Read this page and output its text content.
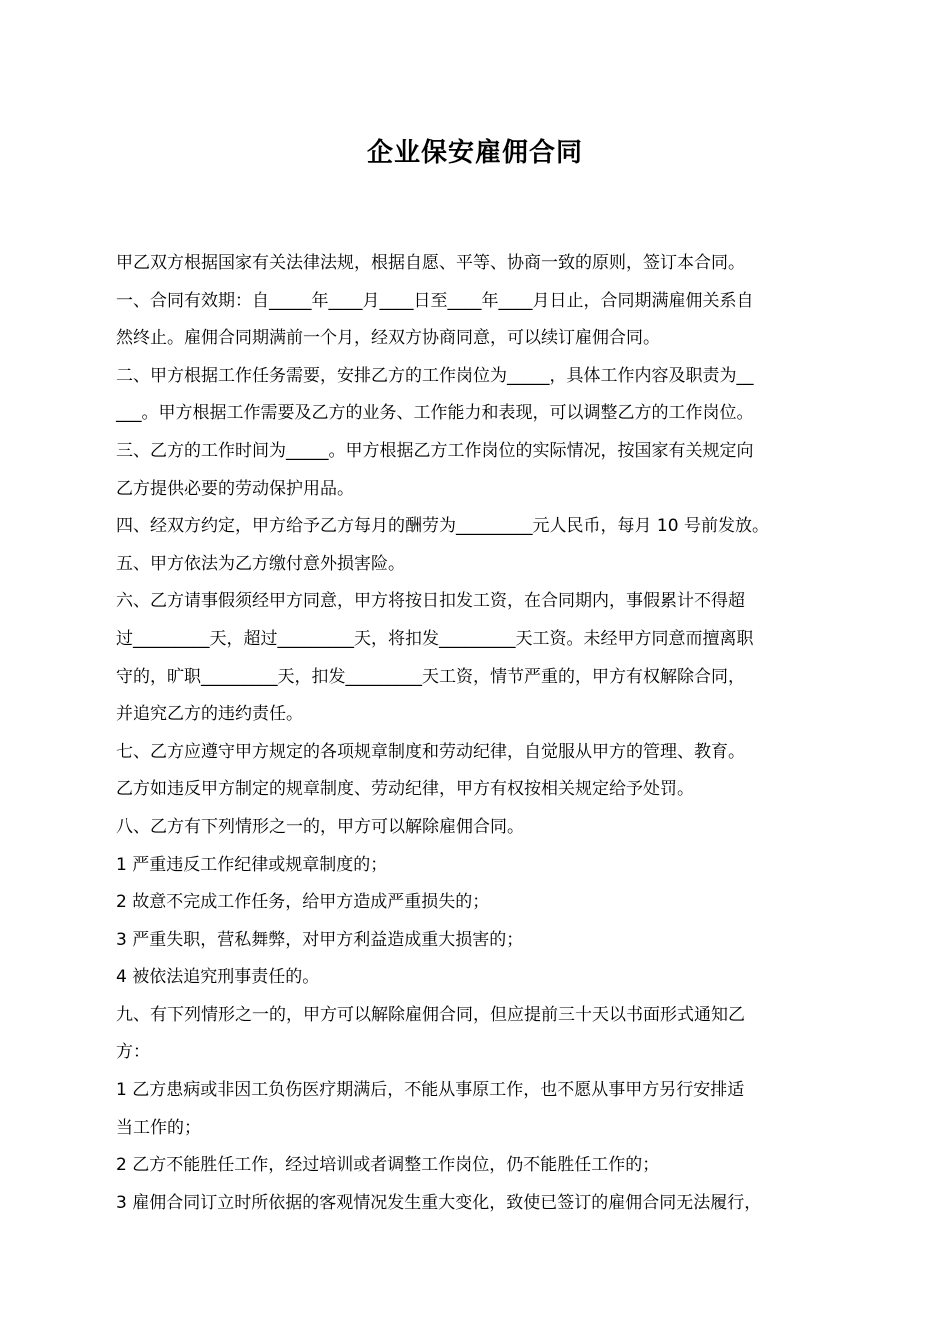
企业保安雇佣合同
甲乙双方根据国家有关法律法规，根据自愿、平等、协商一致的原则，签订本合同。
一、合同有效期：自_____年____月____日至____年____月日止，合同期满雇佣关系自
然终止。雇佣合同期满前一个月，经双方协商同意，可以续订雇佣合同。
二、甲方根据工作任务需要，安排乙方的工作岗位为_____，具体工作内容及职责为__
___。甲方根据工作需要及乙方的业务、工作能力和表现，可以调整乙方的工作岗位。
三、乙方的工作时间为_____。甲方根据乙方工作岗位的实际情况，按国家有关规定向
乙方提供必要的劳动保护用品。
四、经双方约定，甲方给予乙方每月的酬劳为_________元人民币，每月 10 号前发放。
五、甲方依法为乙方缴付意外损害险。
六、乙方请事假须经甲方同意，甲方将按日扣发工资，在合同期内，事假累计不得超
过_________天，超过_________天，将扣发_________天工资。未经甲方同意而擅离职
守的，旷职_________天，扣发_________天工资，情节严重的，甲方有权解除合同，
并追究乙方的违约责任。
七、乙方应遵守甲方规定的各项规章制度和劳动纪律，自觉服从甲方的管理、教育。
乙方如违反甲方制定的规章制度、劳动纪律，甲方有权按相关规定给予处罚。
八、乙方有下列情形之一的，甲方可以解除雇佣合同。
1 严重违反工作纪律或规章制度的；
2 故意不完成工作任务，给甲方造成严重损失的；
3 严重失职，营私舞弊，对甲方利益造成重大损害的；
4 被依法追究刑事责任的。
九、有下列情形之一的，甲方可以解除雇佣合同，但应提前三十天以书面形式通知乙
方：
1 乙方患病或非因工负伤医疗期满后，不能从事原工作，也不愿从事甲方另行安排适
当工作的；
2 乙方不能胜任工作，经过培训或者调整工作岗位，仍不能胜任工作的；
3 雇佣合同订立时所依据的客观情况发生重大变化，致使已签订的雇佣合同无法履行，
